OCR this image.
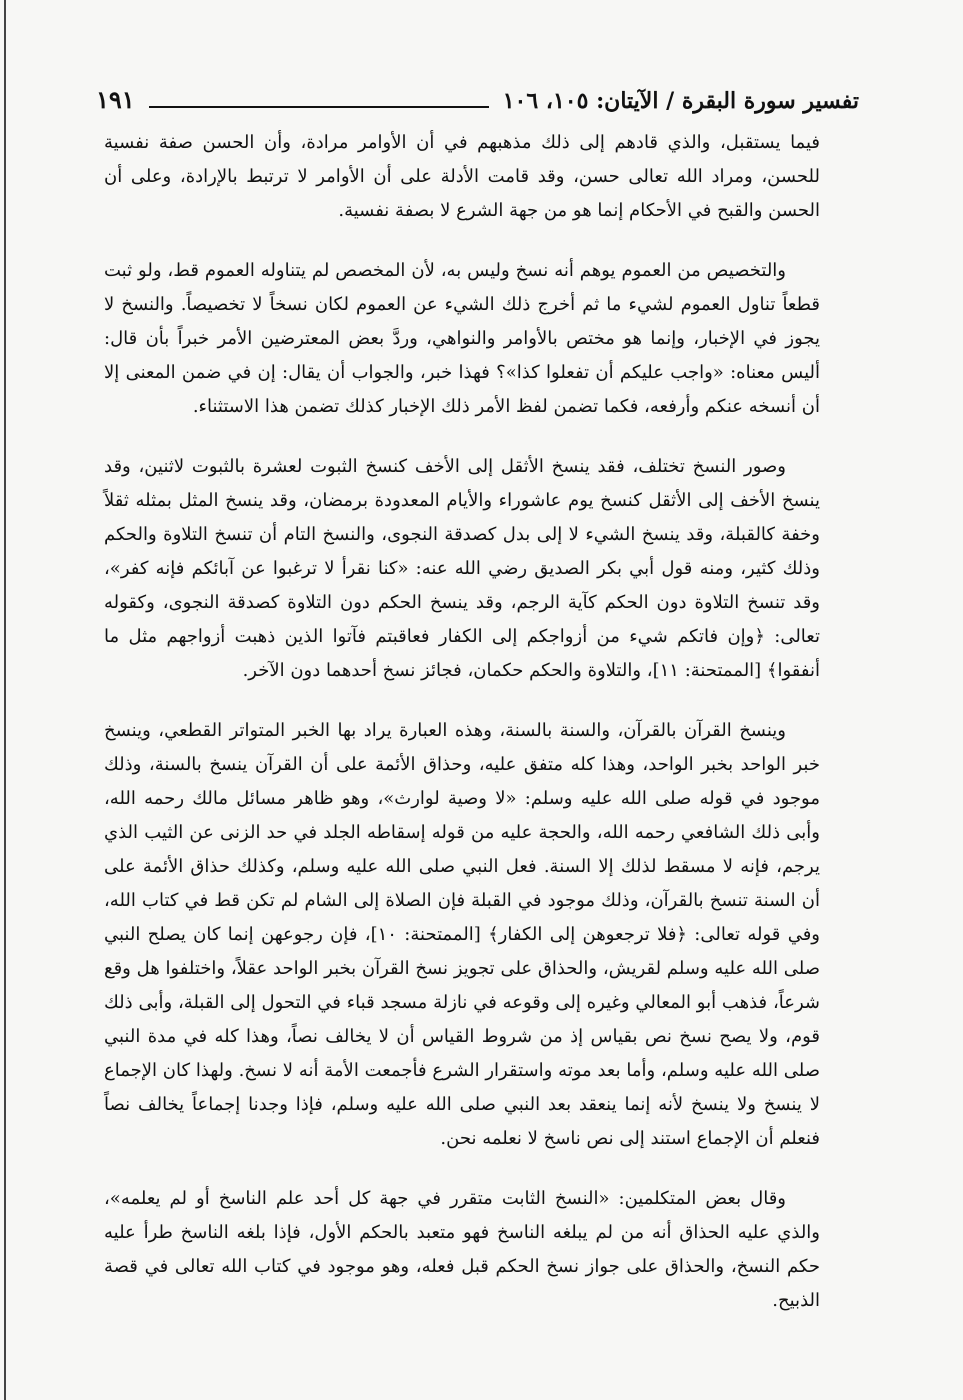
تفسير سورة البقرة / الآيتان: ١٠٥، ١٠٦
١٩١

فيما يستقبل، والذي قادهم إلى ذلك مذهبهم في أن الأوامر مرادة، وأن الحسن صفة نفسية للحسن، ومراد الله تعالى حسن، وقد قامت الأدلة على أن الأوامر لا ترتبط بالإرادة، وعلى أن الحسن والقبح في الأحكام إنما هو من جهة الشرع لا بصفة نفسية.

والتخصيص من العموم يوهم أنه نسخ وليس به، لأن المخصص لم يتناوله العموم قط، ولو ثبت قطعاً تناول العموم لشيء ما ثم أخرج ذلك الشيء عن العموم لكان نسخاً لا تخصيصاً. والنسخ لا يجوز في الإخبار، وإنما هو مختص بالأوامر والنواهي، وردَّ بعض المعترضين الأمر خبراً بأن قال: أليس معناه: «واجب عليكم أن تفعلوا كذا»؟ فهذا خبر، والجواب أن يقال: إن في ضمن المعنى إلا أن أنسخه عنكم وأرفعه، فكما تضمن لفظ الأمر ذلك الإخبار كذلك تضمن هذا الاستثناء.

وصور النسخ تختلف، فقد ينسخ الأثقل إلى الأخف كنسخ الثبوت لعشرة بالثبوت لاثنين، وقد ينسخ الأخف إلى الأثقل كنسخ يوم عاشوراء والأيام المعدودة برمضان، وقد ينسخ المثل بمثله ثقلاً وخفة كالقبلة، وقد ينسخ الشيء لا إلى بدل كصدقة النجوى، والنسخ التام أن تنسخ التلاوة والحكم وذلك كثير، ومنه قول أبي بكر الصديق رضي الله عنه: «كنا نقرأ لا ترغبوا عن آبائكم فإنه كفر»، وقد تنسخ التلاوة دون الحكم كآية الرجم، وقد ينسخ الحكم دون التلاوة كصدقة النجوى، وكقوله تعالى: ﴿وإن فاتكم شيء من أزواجكم إلى الكفار فعاقبتم فآتوا الذين ذهبت أزواجهم مثل ما أنفقوا﴾ [الممتحنة: ١١]، والتلاوة والحكم حكمان، فجائز نسخ أحدهما دون الآخر.

وينسخ القرآن بالقرآن، والسنة بالسنة، وهذه العبارة يراد بها الخبر المتواتر القطعي، وينسخ خبر الواحد بخبر الواحد، وهذا كله متفق عليه، وحذاق الأئمة على أن القرآن ينسخ بالسنة، وذلك موجود في قوله صلى الله عليه وسلم: «لا وصية لوارث»، وهو ظاهر مسائل مالك رحمه الله، وأبى ذلك الشافعي رحمه الله، والحجة عليه من قوله إسقاطه الجلد في حد الزنى عن الثيب الذي يرجم، فإنه لا مسقط لذلك إلا السنة. فعل النبي صلى الله عليه وسلم، وكذلك حذاق الأئمة على أن السنة تنسخ بالقرآن، وذلك موجود في القبلة فإن الصلاة إلى الشام لم تكن قط في كتاب الله، وفي قوله تعالى: ﴿فلا ترجعوهن إلى الكفار﴾ [الممتحنة: ١٠]، فإن رجوعهن إنما كان يصلح النبي صلى الله عليه وسلم لقريش، والحذاق على تجويز نسخ القرآن بخبر الواحد عقلاً، واختلفوا هل وقع شرعاً، فذهب أبو المعالي وغيره إلى وقوعه في نازلة مسجد قباء في التحول إلى القبلة، وأبى ذلك قوم، ولا يصح نسخ نص بقياس إذ من شروط القياس أن لا يخالف نصاً، وهذا كله في مدة النبي صلى الله عليه وسلم، وأما بعد موته واستقرار الشرع فأجمعت الأمة أنه لا نسخ. ولهذا كان الإجماع لا ينسخ ولا ينسخ لأنه إنما ينعقد بعد النبي صلى الله عليه وسلم، فإذا وجدنا إجماعاً يخالف نصاً فنعلم أن الإجماع استند إلى نص ناسخ لا نعلمه نحن.

وقال بعض المتكلمين: «النسخ الثابت متقرر في جهة كل أحد علم الناسخ أو لم يعلمه»، والذي عليه الحذاق أنه من لم يبلغه الناسخ فهو متعبد بالحكم الأول، فإذا بلغه الناسخ طرأ عليه حكم النسخ، والحذاق على جواز نسخ الحكم قبل فعله، وهو موجود في كتاب الله تعالى في قصة الذبيح.
